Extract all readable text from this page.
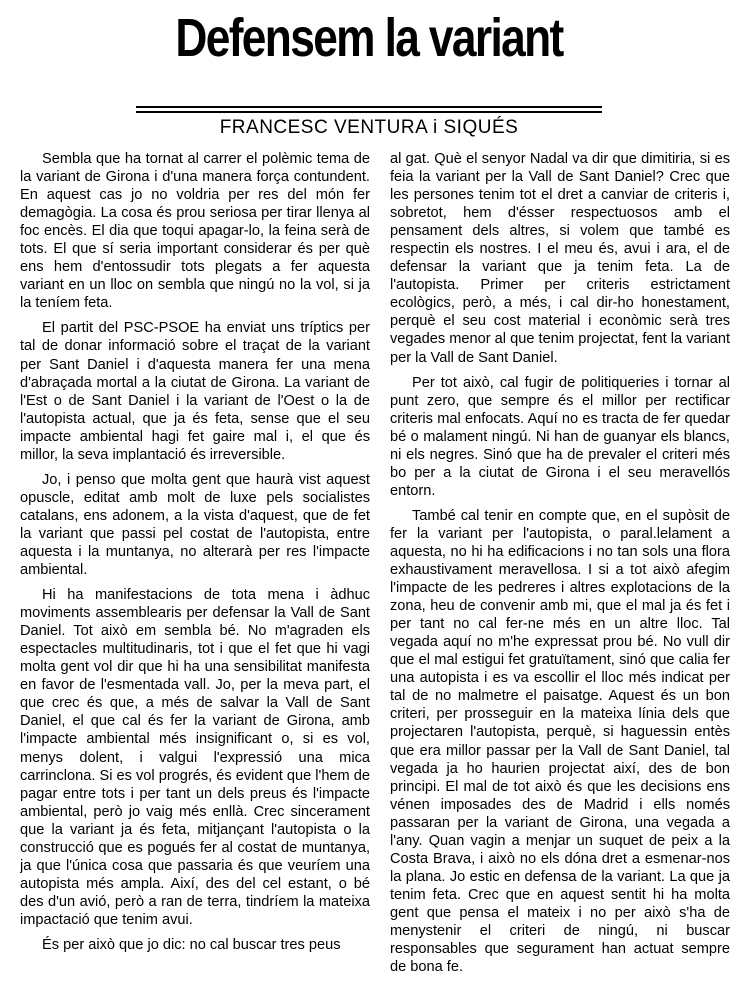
Defensem la variant
FRANCESC VENTURA i SIQUÉS

Sembla que ha tornat al carrer el polèmic tema de la variant de Girona i d'una manera força contundent. En aquest cas jo no voldria per res del món fer demagògia. La cosa és prou seriosa per tirar llenya al foc encès. El dia que toqui apagar-lo, la feina serà de tots. El que sí seria important considerar és per què ens hem d'entossudir tots plegats a fer aquesta variant en un lloc on sembla que ningú no la vol, si ja la teníem feta.

El partit del PSC-PSOE ha enviat uns tríptics per tal de donar informació sobre el traçat de la variant per Sant Daniel i d'aquesta manera fer una mena d'abraçada mortal a la ciutat de Girona. La variant de l'Est o de Sant Daniel i la variant de l'Oest o la de l'autopista actual, que ja és feta, sense que el seu impacte ambiental hagi fet gaire mal i, el que és millor, la seva implantació és irreversible.

Jo, i penso que molta gent que haurà vist aquest opuscle, editat amb molt de luxe pels socialistes catalans, ens adonem, a la vista d'aquest, que de fet la variant que passi pel costat de l'autopista, entre aquesta i la muntanya, no alterarà per res l'impacte ambiental.

Hi ha manifestacions de tota mena i àdhuc moviments assemblearis per defensar la Vall de Sant Daniel. Tot això em sembla bé. No m'agraden els espectacles multitudinaris, tot i que el fet que hi vagi molta gent vol dir que hi ha una sensibilitat manifesta en favor de l'esmentada vall. Jo, per la meva part, el que crec és que, a més de salvar la Vall de Sant Daniel, el que cal és fer la variant de Girona, amb l'impacte ambiental més insignificant o, si es vol, menys dolent, i valgui l'expressió una mica carrinclona. Si es vol progrés, és evident que l'hem de pagar entre tots i per tant un dels preus és l'impacte ambiental, però jo vaig més enllà. Crec sincerament que la variant ja és feta, mitjançant l'autopista o la construcció que es pogués fer al costat de muntanya, ja que l'única cosa que passaria és que veuríem una autopista més ampla. Així, des del cel estant, o bé des d'un avió, però a ran de terra, tindríem la mateixa impactació que tenim avui.

És per això que jo dic: no cal buscar tres peus

al gat. Què el senyor Nadal va dir que dimitiria, si es feia la variant per la Vall de Sant Daniel? Crec que les persones tenim tot el dret a canviar de criteris i, sobretot, hem d'ésser respectuosos amb el pensament dels altres, si volem que també es respectin els nostres. I el meu és, avui i ara, el de defensar la variant que ja tenim feta. La de l'autopista. Primer per criteris estrictament ecològics, però, a més, i cal dir-ho honestament, perquè el seu cost material i econòmic serà tres vegades menor al que tenim projectat, fent la variant per la Vall de Sant Daniel.

Per tot això, cal fugir de politiqueries i tornar al punt zero, que sempre és el millor per rectificar criteris mal enfocats. Aquí no es tracta de fer quedar bé o malament ningú. Ni han de guanyar els blancs, ni els negres. Sinó que ha de prevaler el criteri més bo per a la ciutat de Girona i el seu meravellós entorn.

També cal tenir en compte que, en el supòsit de fer la variant per l'autopista, o paral.lelament a aquesta, no hi ha edificacions i no tan sols una flora exhaustivament meravellosa. I si a tot això afegim l'impacte de les pedreres i altres explotacions de la zona, heu de convenir amb mi, que el mal ja és fet i per tant no cal fer-ne més en un altre lloc. Tal vegada aquí no m'he expressat prou bé. No vull dir que el mal estigui fet gratuïtament, sinó que calia fer una autopista i es va escollir el lloc més indicat per tal de no malmetre el paisatge. Aquest és un bon criteri, per prosseguir en la mateixa línia dels que projectaren l'autopista, perquè, si haguessin entès que era millor passar per la Vall de Sant Daniel, tal vegada ja ho haurien projectat així, des de bon principi. El mal de tot això és que les decisions ens vénen imposades des de Madrid i ells només passaran per la variant de Girona, una vegada a l'any. Quan vagin a menjar un suquet de peix a la Costa Brava, i això no els dóna dret a esmenar-nos la plana. Jo estic en defensa de la variant. La que ja tenim feta. Crec que en aquest sentit hi ha molta gent que pensa el mateix i no per això s'ha de menystenir el criteri de ningú, ni buscar responsables que segurament han actuat sempre de bona fe.
